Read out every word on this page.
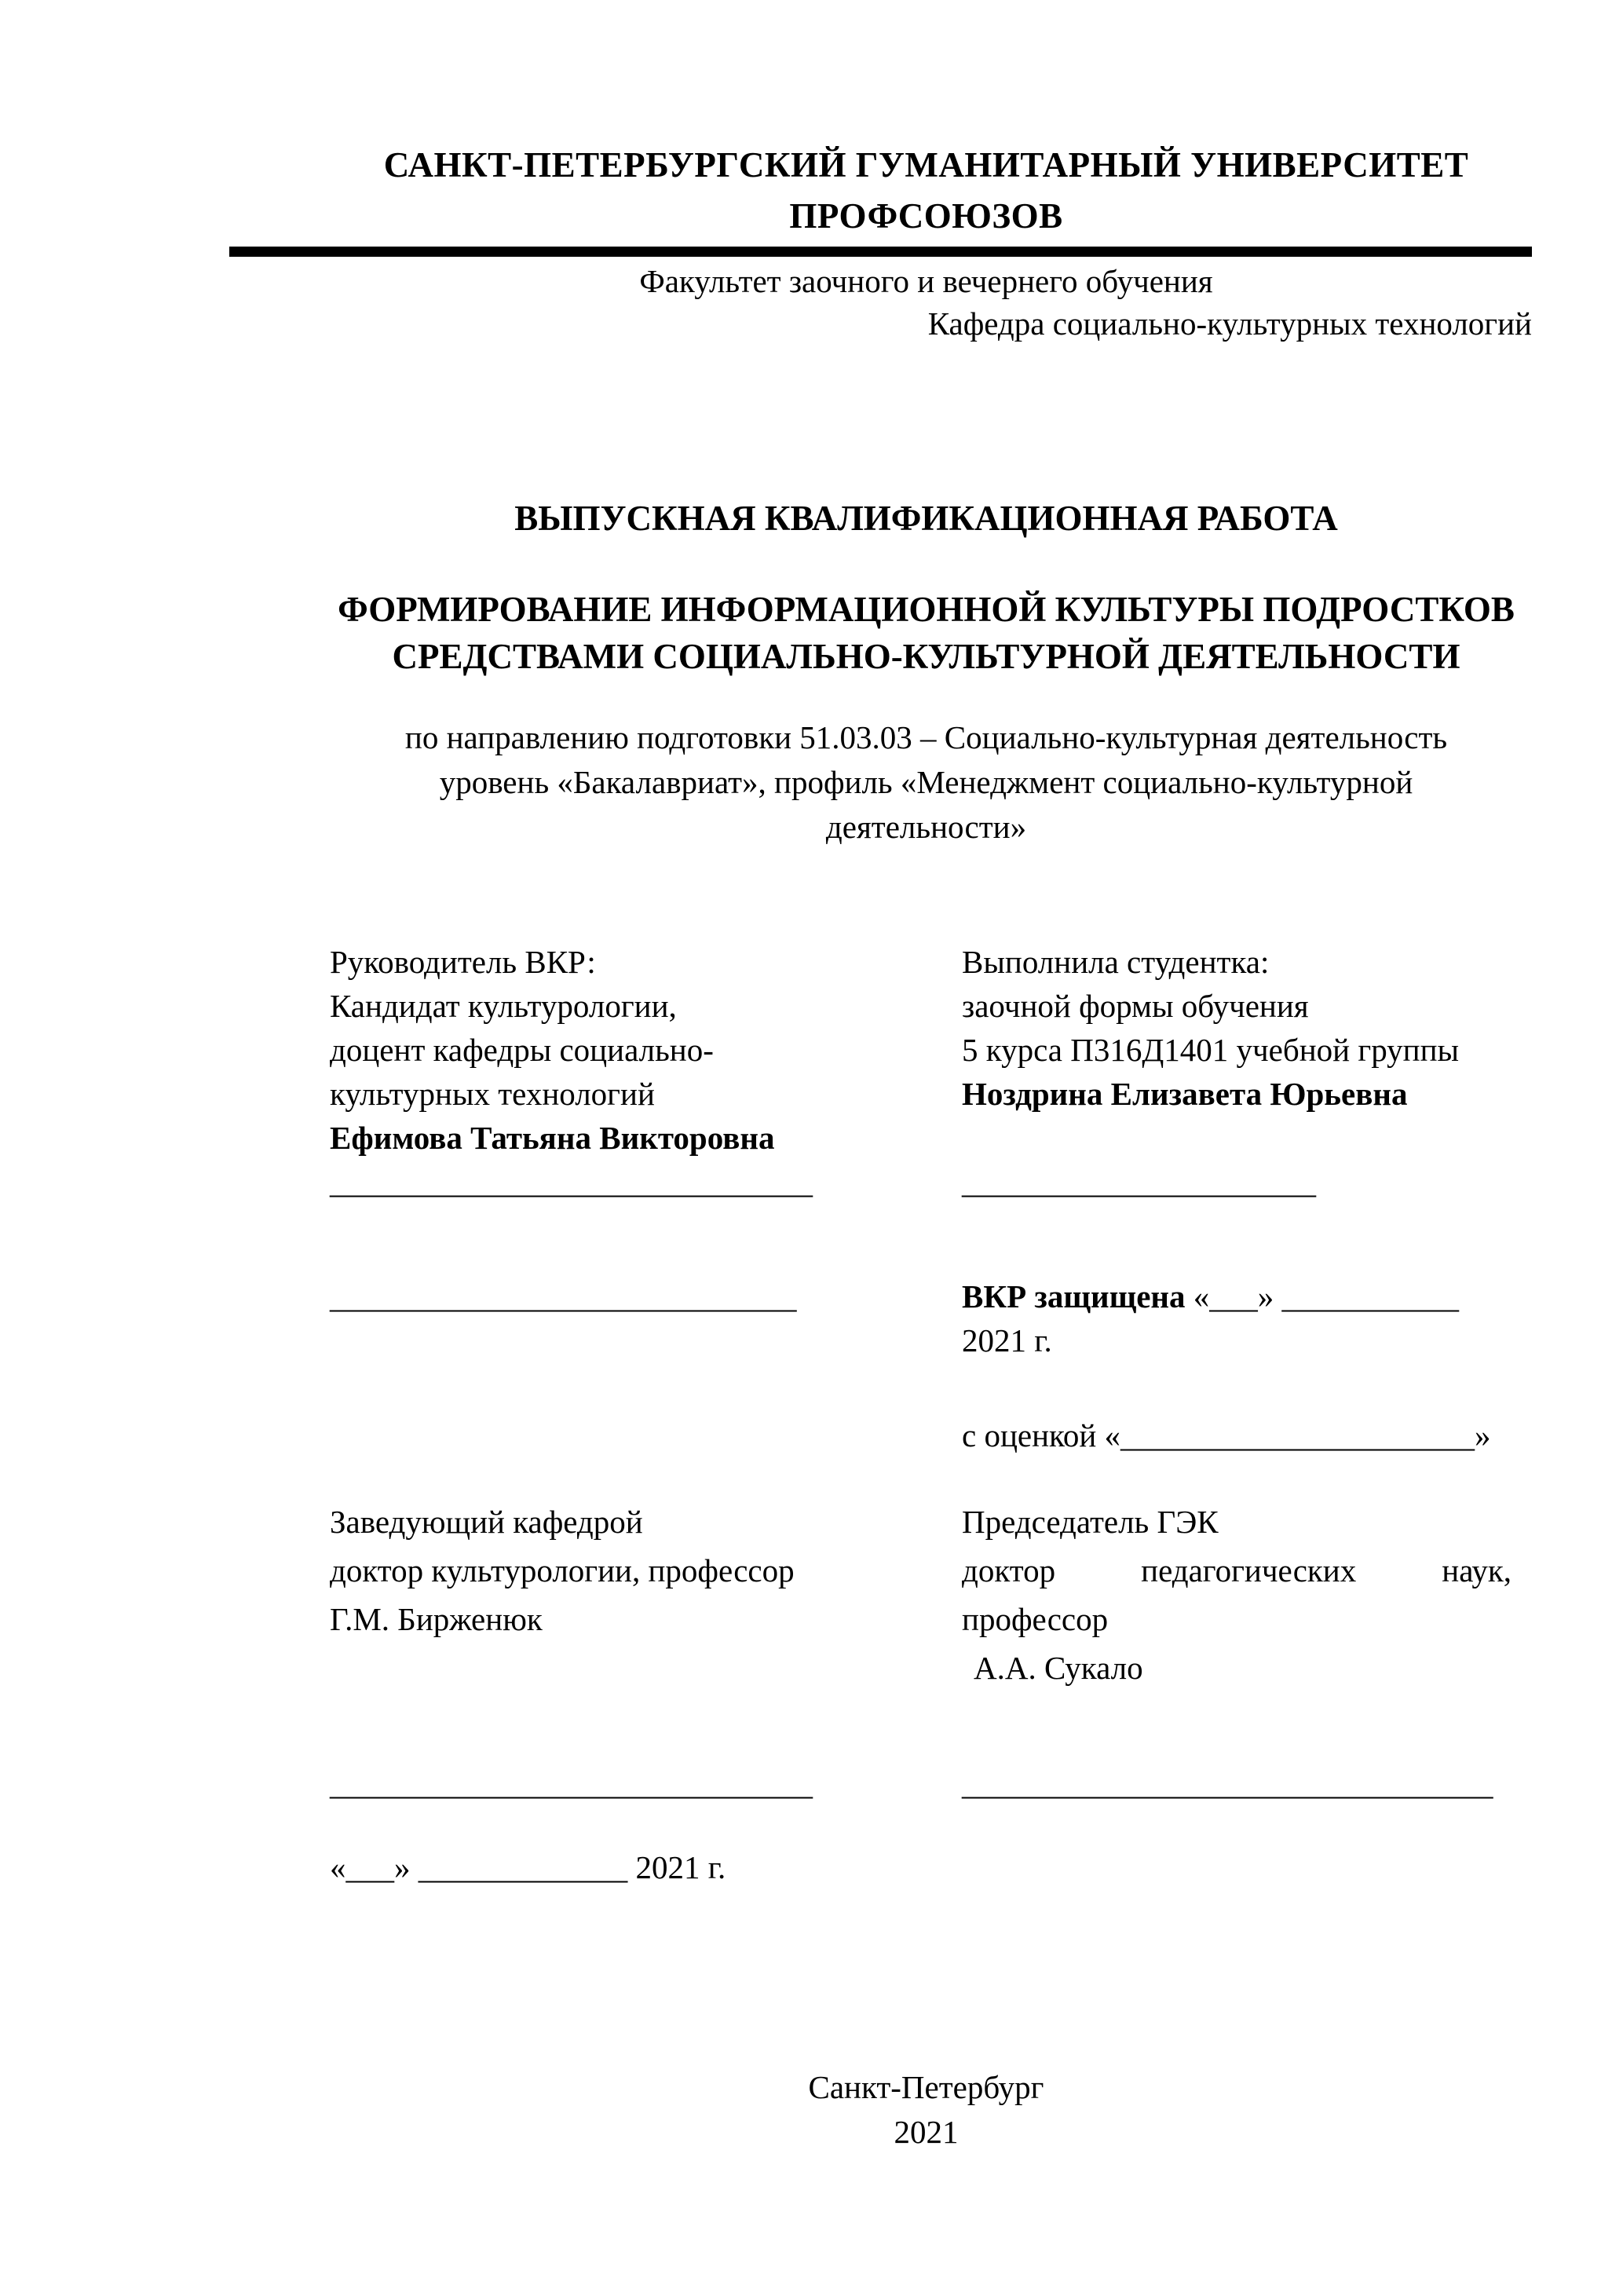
САНКТ-ПЕТЕРБУРГСКИЙ ГУМАНИТАРНЫЙ УНИВЕРСИТЕТ
ПРОФСОЮЗОВ
Факультет заочного и вечернего обучения
Кафедра социально-культурных технологий
ВЫПУСКНАЯ КВАЛИФИКАЦИОННАЯ РАБОТА
ФОРМИРОВАНИЕ ИНФОРМАЦИОННОЙ КУЛЬТУРЫ ПОДРОСТКОВ
СРЕДСТВАМИ СОЦИАЛЬНО-КУЛЬТУРНОЙ ДЕЯТЕЛЬНОСТИ
по направлению подготовки 51.03.03 – Социально-культурная деятельность
уровень «Бакалавриат», профиль «Менеджмент социально-культурной
деятельности»
Руководитель ВКР:
Кандидат культурологии,
доцент кафедры социально-
культурных технологий
Ефимова Татьяна Викторовна
Выполнила студентка:
заочной формы обучения
5 курса П316Д1401 учебной группы
Ноздрина Елизавета Юрьевна
______________________________	______________________
_____________________________	ВКР защищена «___» ___________ 2021 г.
с оценкой «______________________»
Заведующий кафедрой
доктор культурологии, профессор
Г.М. Бирженюк
Председатель ГЭК
доктор педагогических наук,
профессор
А.А. Сукало
______________________________	_________________________________
«___» _____________ 2021 г.
Санкт-Петербург
2021
